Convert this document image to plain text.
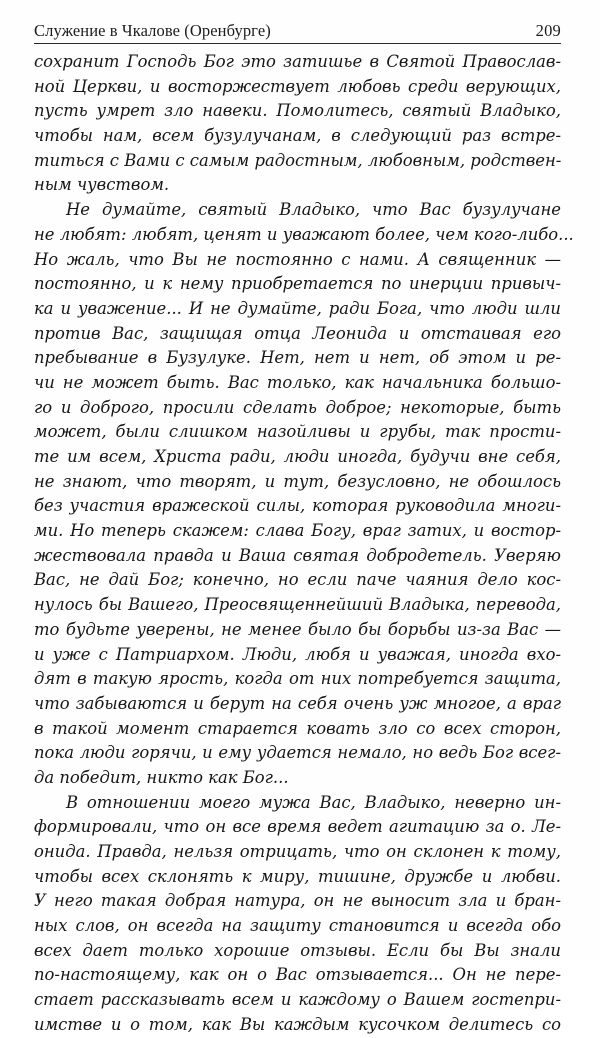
Служение в Чкалове (Оренбурге)	209
сохранит Господь Бог это затишье в Святой Православ-
ной Церкви, и восторжествует любовь среди верующих,
пусть умрет зло навеки. Помолитесь, святый Владыко,
чтобы нам, всем бузулучанам, в следующий раз встре-
титься с Вами с самым радостным, любовным, родствен-
ным чувством.
Не думайте, святый Владыко, что Вас бузулучане
не любят: любят, ценят и уважают более, чем кого-либо...
Но жаль, что Вы не постоянно с нами. А священник —
постоянно, и к нему приобретается по инерции привыч-
ка и уважение... И не думайте, ради Бога, что люди шли
против Вас, защищая отца Леонида и отстаивая его
пребывание в Бузулуке. Нет, нет и нет, об этом и ре-
чи не может быть. Вас только, как начальника большо-
го и доброго, просили сделать доброе; некоторые, быть
может, были слишком назойливы и грубы, так прости-
те им всем, Христа ради, люди иногда, будучи вне себя,
не знают, что творят, и тут, безусловно, не обошлось
без участия вражеской силы, которая руководила многи-
ми. Но теперь скажем: слава Богу, враг затих, и востор-
жествовала правда и Ваша святая добродетель. Уверяю
Вас, не дай Бог; конечно, но если паче чаяния дело кос-
нулось бы Вашего, Преосвященнейший Владыка, перевода,
то будьте уверены, не менее было бы борьбы из-за Вас —
и уже с Патриархом. Люди, любя и уважая, иногда вхо-
дят в такую ярость, когда от них потребуется защита,
что забываются и берут на себя очень уж многое, а враг
в такой момент старается ковать зло со всех сторон,
пока люди горячи, и ему удается немало, но ведь Бог всег-
да победит, никто как Бог...
В отношении моего мужа Вас, Владыко, неверно ин-
формировали, что он все время ведет агитацию за о. Ле-
онида. Правда, нельзя отрицать, что он склонен к тому,
чтобы всех склонять к миру, тишине, дружбе и любви.
У него такая добрая натура, он не выносит зла и бран-
ных слов, он всегда на защиту становится и всегда обо
всех дает только хорошие отзывы. Если бы Вы знали
по-настоящему, как он о Вас отзывается... Он не пере-
стает рассказывать всем и каждому о Вашем гостепри-
имстве и о том, как Вы каждым кусочком делитесь со
